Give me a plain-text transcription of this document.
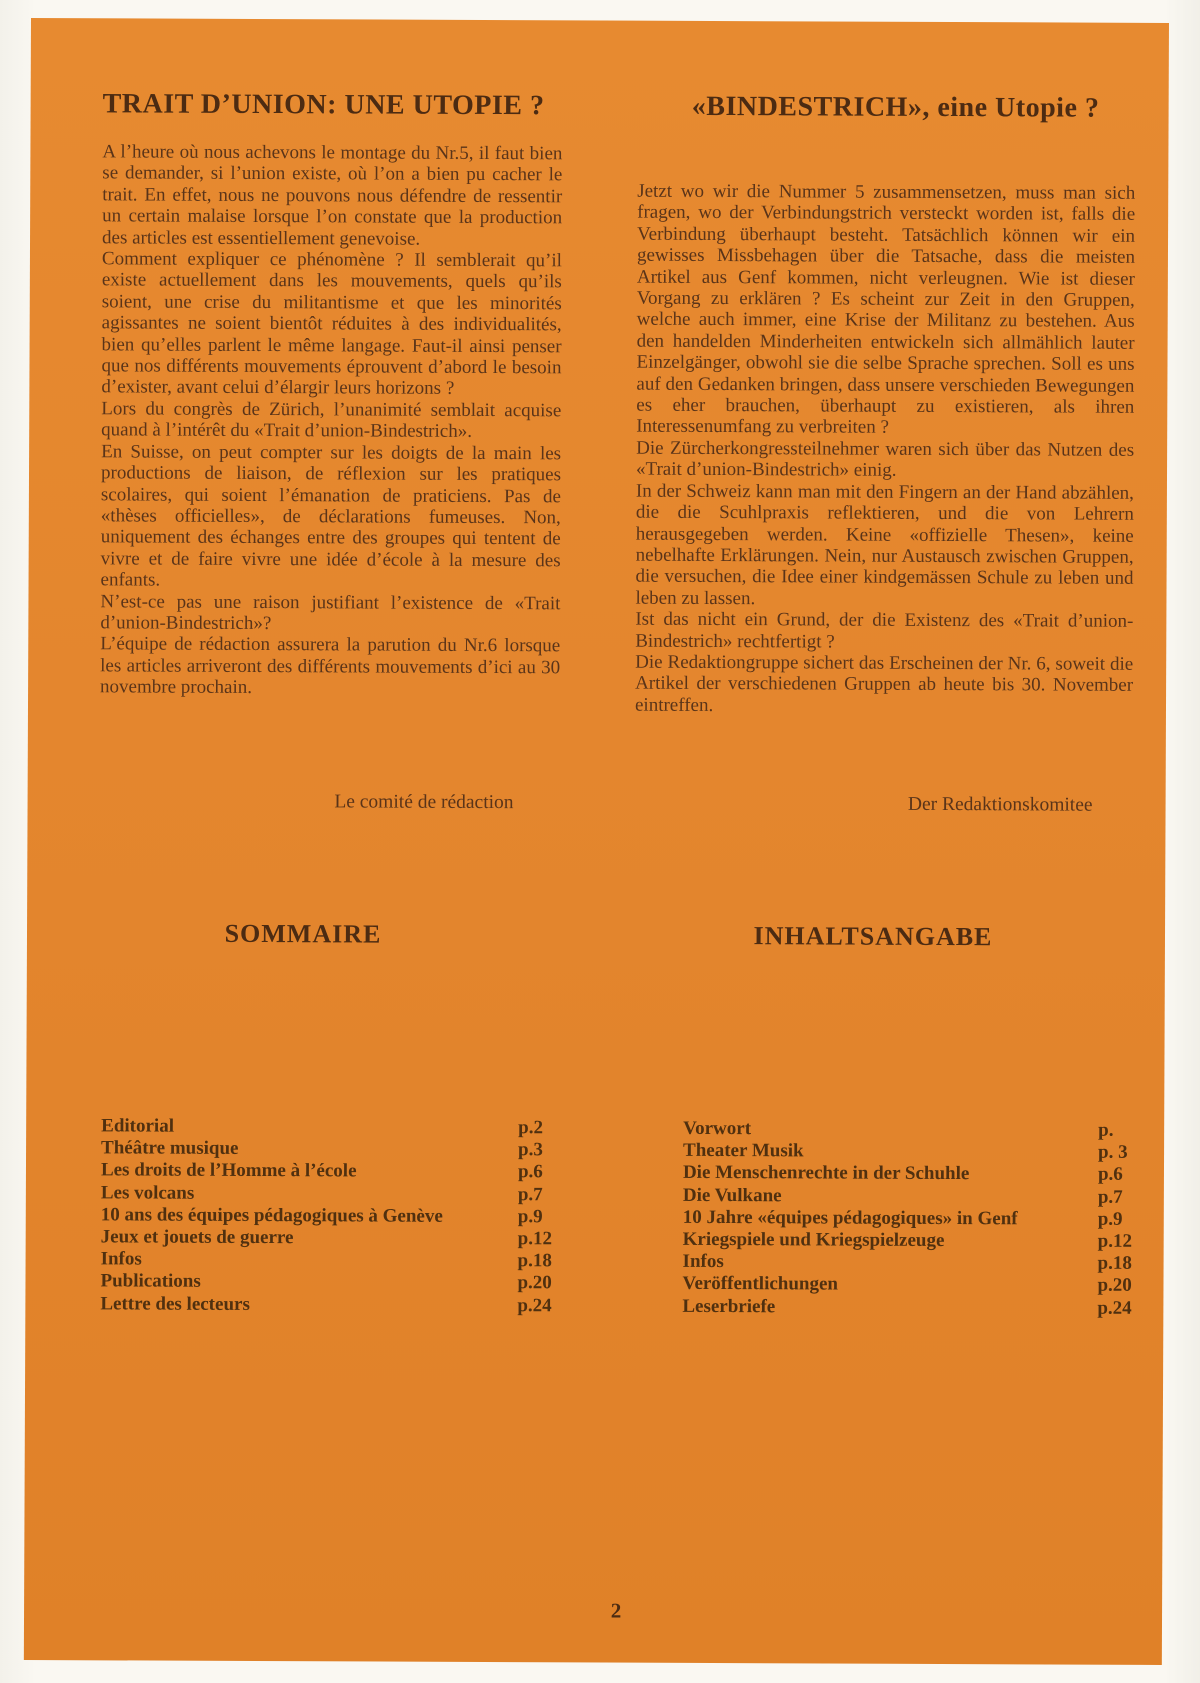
TRAIT D’UNION: UNE UTOPIE ?

A l’heure où nous achevons le montage du Nr.5, il faut bien se demander, si l’union existe, où l’on a bien pu cacher le trait. En effet, nous ne pouvons nous défendre de ressentir un certain malaise lorsque l’on constate que la production des articles est essentiellement genevoise.

Comment expliquer ce phénomène ? Il semblerait qu’il existe actuellement dans les mouvements, quels qu’ils soient, une crise du militantisme et que les minorités agissantes ne soient bientôt réduites à des individualités, bien qu’elles parlent le même langage. Faut-il ainsi penser que nos différents mouvements éprouvent d’abord le besoin d’exister, avant celui d’élargir leurs horizons ?

Lors du congrès de Zürich, l’unanimité semblait acquise quand à l’intérêt du «Trait d’union-Bindestrich».

En Suisse, on peut compter sur les doigts de la main les productions de liaison, de réflexion sur les pratiques scolaires, qui soient l’émanation de praticiens. Pas de «thèses officielles», de déclarations fumeuses. Non, uniquement des échanges entre des groupes qui tentent de vivre et de faire vivre une idée d’école à la mesure des enfants.

N’est-ce pas une raison justifiant l’existence de «Trait d’union-Bindestrich»?

L’équipe de rédaction assurera la parution du Nr.6 lorsque les articles arriveront des différents mouvements d’ici au 30 novembre prochain.

«BINDESTRICH», eine Utopie ?

Jetzt wo wir die Nummer 5 zusammensetzen, muss man sich fragen, wo der Verbindungstrich versteckt worden ist, falls die Verbindung überhaupt besteht. Tatsächlich können wir ein gewisses Missbehagen über die Tatsache, dass die meisten Artikel aus Genf kommen, nicht verleugnen. Wie ist dieser Vorgang zu erklären ? Es scheint zur Zeit in den Gruppen, welche auch immer, eine Krise der Militanz zu bestehen. Aus den handelden Minderheiten entwickeln sich allmählich lauter Einzelgänger, obwohl sie die selbe Sprache sprechen. Soll es uns auf den Gedanken bringen, dass unsere verschieden Bewegungen es eher brauchen, überhaupt zu existieren, als ihren Interessenumfang zu verbreiten ?

Die Zürcherkongressteilnehmer waren sich über das Nutzen des «Trait d’union-Bindestrich» einig.

In der Schweiz kann man mit den Fingern an der Hand abzählen, die die Scuhlpraxis reflektieren, und die von Lehrern herausgegeben werden. Keine «offizielle Thesen», keine nebelhafte Erklärungen. Nein, nur Austausch zwischen Gruppen, die versuchen, die Idee einer kindgemässen Schule zu leben und leben zu lassen.

Ist das nicht ein Grund, der die Existenz des «Trait d’union-Bindestrich» rechtfertigt ?

Die Redaktiongruppe sichert das Erscheinen der Nr. 6, soweit die Artikel der verschiedenen Gruppen ab heute bis 30. November eintreffen.

Le comité de rédaction	Der Redaktionskomitee
SOMMAIRE	INHALTSANGABE
Editorial	p.2
Théâtre musique	p.3
Les droits de l’Homme à l’école	p.6
Les volcans	p.7
10 ans des équipes pédagogiques à Genève	p.9
Jeux et jouets de guerre	p.12
Infos	p.18
Publications	p.20
Lettre des lecteurs	p.24
Vorwort	p.
Theater Musik	p. 3
Die Menschenrechte in der Schuhle	p.6
Die Vulkane	p.7
10 Jahre «équipes pédagogiques» in Genf	p.9
Kriegspiele und Kriegspielzeuge	p.12
Infos	p.18
Veröffentlichungen	p.20
Leserbriefe	p.24
2
